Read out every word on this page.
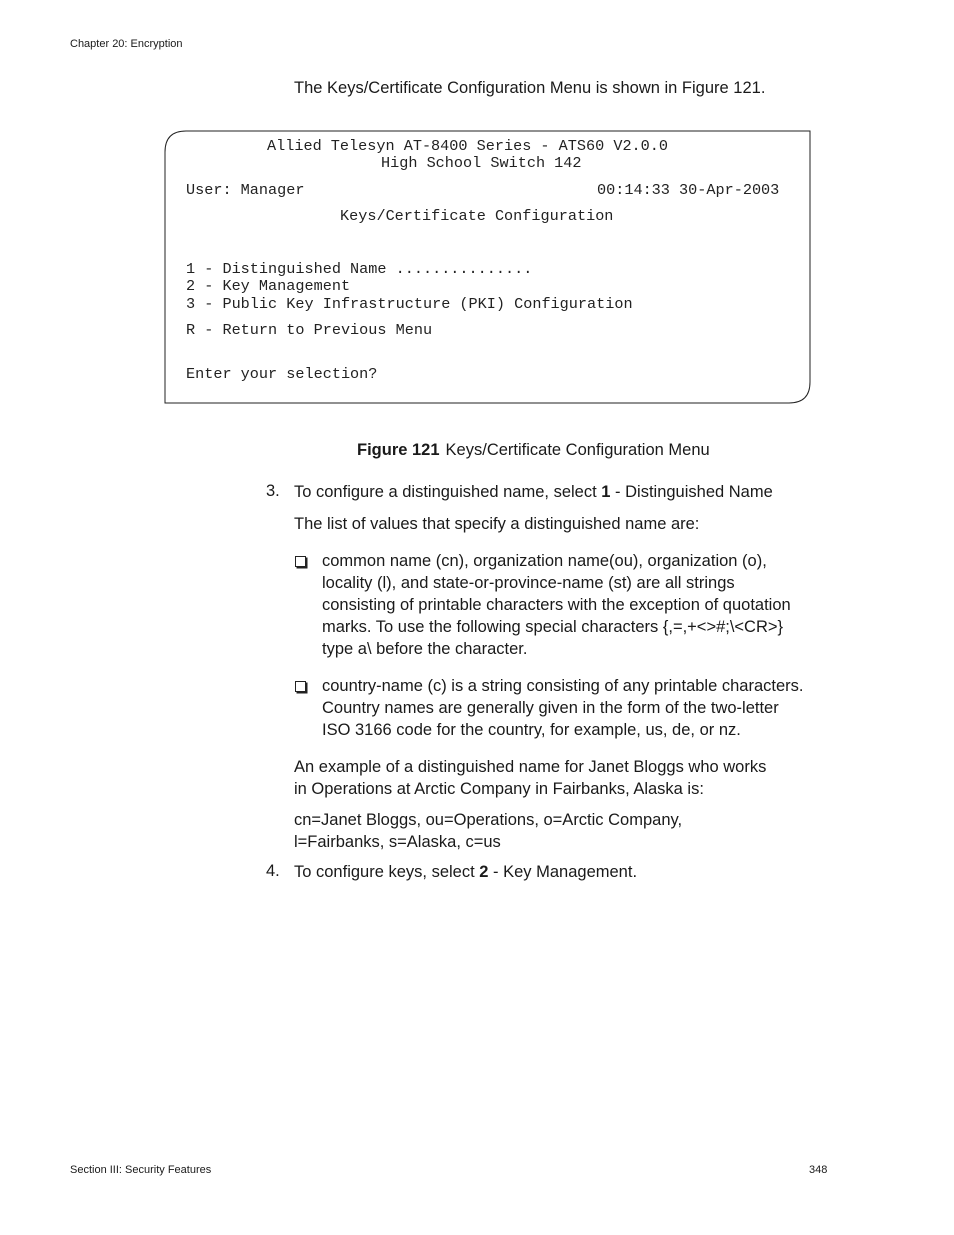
Chapter 20: Encryption
The Keys/Certificate Configuration Menu is shown in Figure 121.
Allied Telesyn AT-8400 Series - ATS60 V2.0.0
High School Switch 142
User: Manager	00:14:33 30-Apr-2003
Keys/Certificate Configuration
1 - Distinguished Name ...............
2 - Key Management
3 - Public Key Infrastructure (PKI) Configuration
R - Return to Previous Menu
Enter your selection?
Figure 121 Keys/Certificate Configuration Menu
3. To configure a distinguished name, select 1 - Distinguished Name
The list of values that specify a distinguished name are:
common name (cn), organization name(ou), organization (o),
locality (l), and state-or-province-name (st) are all strings
consisting of printable characters with the exception of quotation
marks. To use the following special characters {,=,+<>#;\<CR>}
type a\ before the character.
country-name (c) is a string consisting of any printable characters.
Country names are generally given in the form of the two-letter
ISO 3166 code for the country, for example, us, de, or nz.
An example of a distinguished name for Janet Bloggs who works
in Operations at Arctic Company in Fairbanks, Alaska is:
cn=Janet Bloggs, ou=Operations, o=Arctic Company,
l=Fairbanks, s=Alaska, c=us
4. To configure keys, select 2 - Key Management.
Section III: Security Features	348
